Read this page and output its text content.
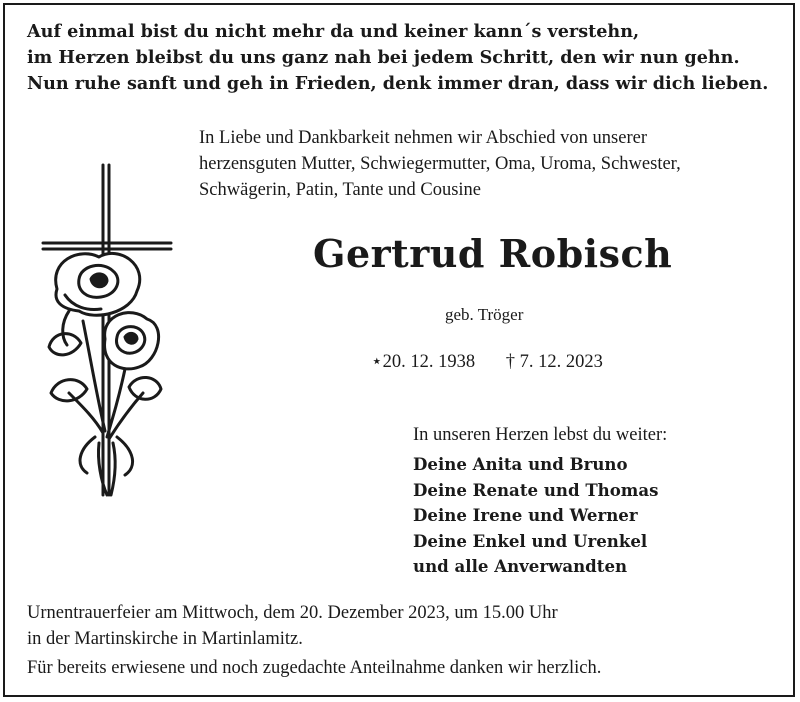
Auf einmal bist du nicht mehr da und keiner kann´s verstehn,
im Herzen bleibst du uns ganz nah bei jedem Schritt, den wir nun gehn.
Nun ruhe sanft und geh in Frieden, denk immer dran, dass wir dich lieben.
In Liebe und Dankbarkeit nehmen wir Abschied von unserer
herzensguten Mutter, Schwiegermutter, Oma, Uroma, Schwester,
Schwägerin, Patin, Tante und Cousine
Gertrud Robisch
geb. Tröger
⋆20. 12. 1938 † 7. 12. 2023
In unseren Herzen lebst du weiter:
Deine Anita und Bruno
Deine Renate und Thomas
Deine Irene und Werner
Deine Enkel und Urenkel
und alle Anverwandten
Urnentrauerfeier am Mittwoch, dem 20. Dezember 2023, um 15.00 Uhr
in der Martinskirche in Martinlamitz.
Für bereits erwiesene und noch zugedachte Anteilnahme danken wir herzlich.
